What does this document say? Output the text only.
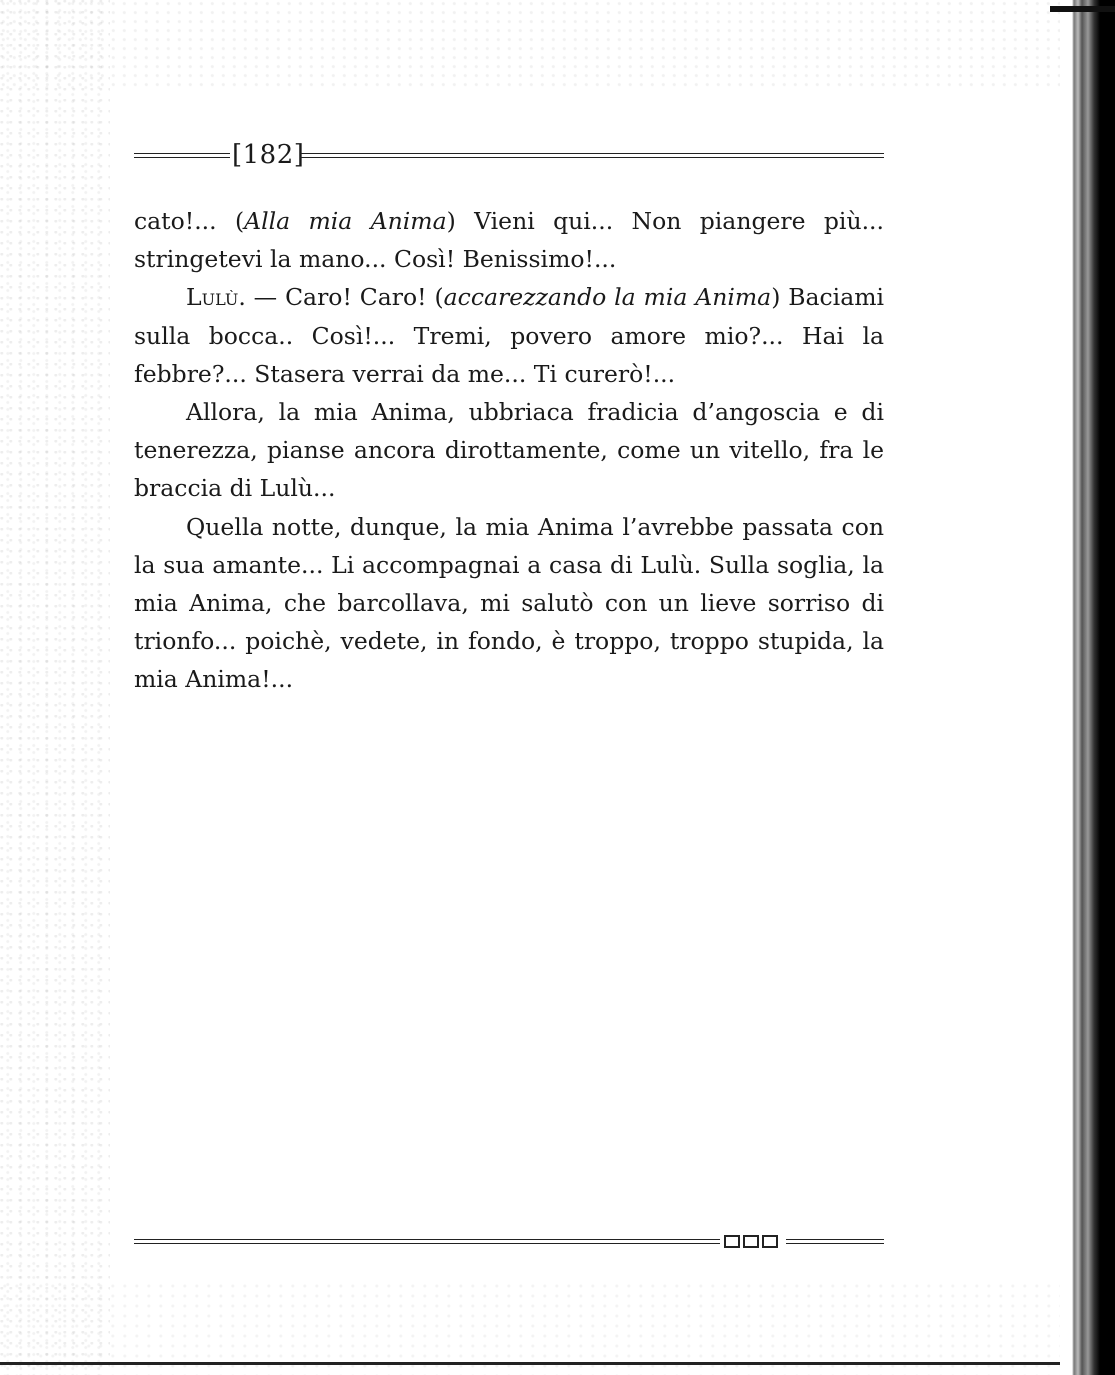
[182]

cato!... (Alla mia Anima) Vieni qui... Non piangere più... stringetevi la mano... Così! Benissimo!...

Lulù. — Caro! Caro! (accarezzando la mia Anima) Baciami sulla bocca.. Così!... Tremi, povero amore mio?... Hai la febbre?... Stasera verrai da me... Ti curerò!...

Allora, la mia Anima, ubbriaca fradicia d’angoscia e di tenerezza, pianse ancora dirottamente, come un vitello, fra le braccia di Lulù...

Quella notte, dunque, la mia Anima l’avrebbe passata con la sua amante... Li accompagnai a casa di Lulù. Sulla soglia, la mia Anima, che barcollava, mi salutò con un lieve sorriso di trionfo... poichè, vedete, in fondo, è troppo, troppo stupida, la mia Anima!...
